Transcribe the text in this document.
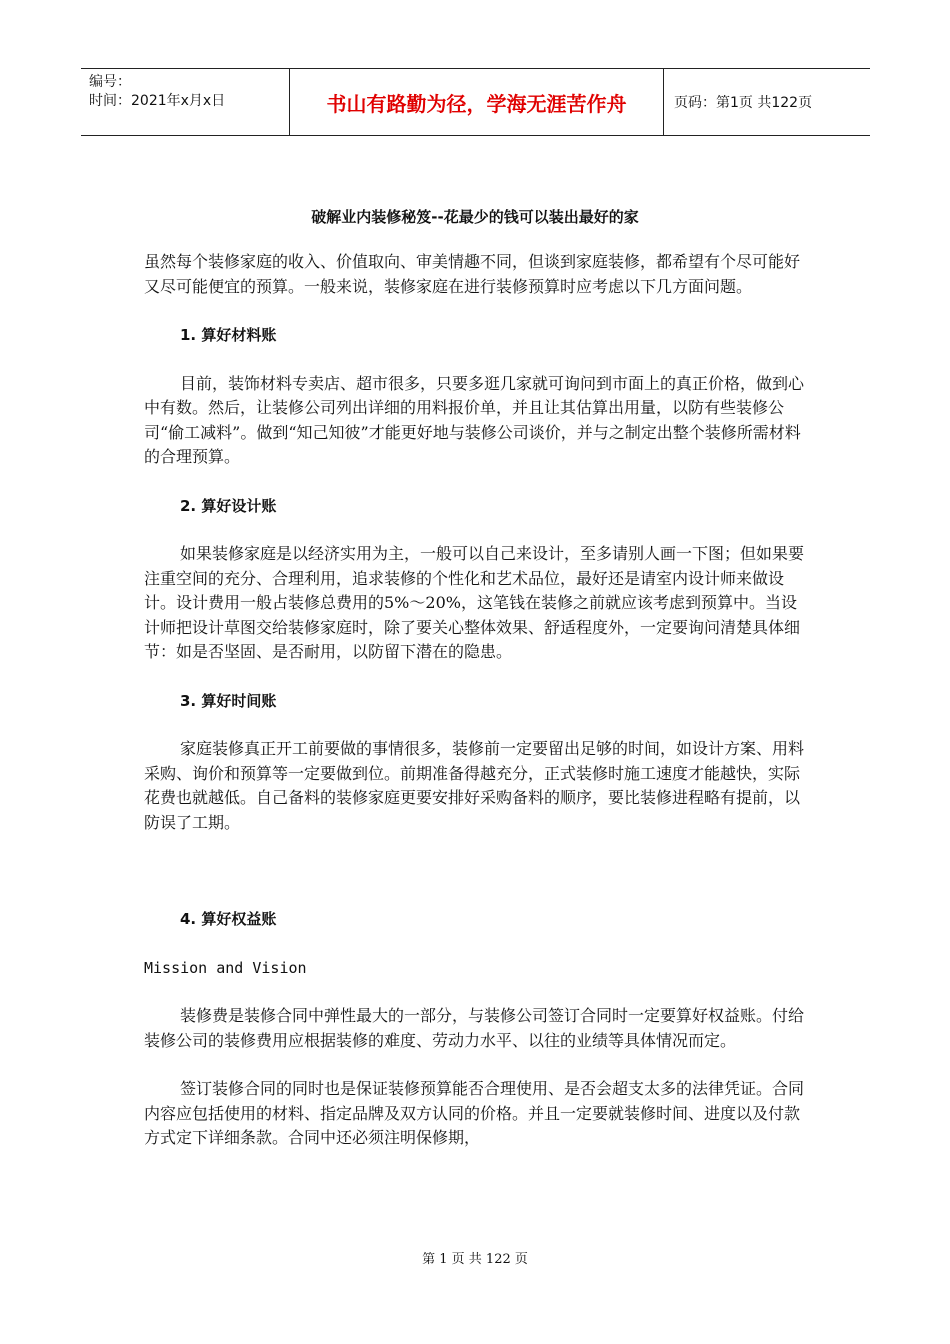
编号：
时间：2021年x月x日	书山有路勤为径，学海无涯苦作舟	页码：第1页 共122页
破解业内装修秘笈--花最少的钱可以装出最好的家

虽然每个装修家庭的收入、价值取向、审美情趣不同，但谈到家庭装修，都希望有个尽可能好又尽可能便宜的预算。一般来说，装修家庭在进行装修预算时应考虑以下几方面问题。

1. 算好材料账

目前，装饰材料专卖店、超市很多，只要多逛几家就可询问到市面上的真正价格，做到心中有数。然后，让装修公司列出详细的用料报价单，并且让其估算出用量，以防有些装修公司“偷工减料”。做到“知己知彼”才能更好地与装修公司谈价，并与之制定出整个装修所需材料的合理预算。

2. 算好设计账

如果装修家庭是以经济实用为主，一般可以自己来设计，至多请别人画一下图；但如果要注重空间的充分、合理利用，追求装修的个性化和艺术品位，最好还是请室内设计师来做设计。设计费用一般占装修总费用的5%～20%，这笔钱在装修之前就应该考虑到预算中。当设计师把设计草图交给装修家庭时，除了要关心整体效果、舒适程度外，一定要询问清楚具体细节：如是否坚固、是否耐用，以防留下潜在的隐患。

3. 算好时间账

家庭装修真正开工前要做的事情很多，装修前一定要留出足够的时间，如设计方案、用料采购、询价和预算等一定要做到位。前期准备得越充分，正式装修时施工速度才能越快，实际花费也就越低。自己备料的装修家庭更要安排好采购备料的顺序，要比装修进程略有提前，以防误了工期。

4. 算好权益账

Mission and Vision

装修费是装修合同中弹性最大的一部分，与装修公司签订合同时一定要算好权益账。付给装修公司的装修费用应根据装修的难度、劳动力水平、以往的业绩等具体情况而定。

签订装修合同的同时也是保证装修预算能否合理使用、是否会超支太多的法律凭证。合同内容应包括使用的材料、指定品牌及双方认同的价格。并且一定要就装修时间、进度以及付款方式定下详细条款。合同中还必须注明保修期，

第 1 页 共 122 页
